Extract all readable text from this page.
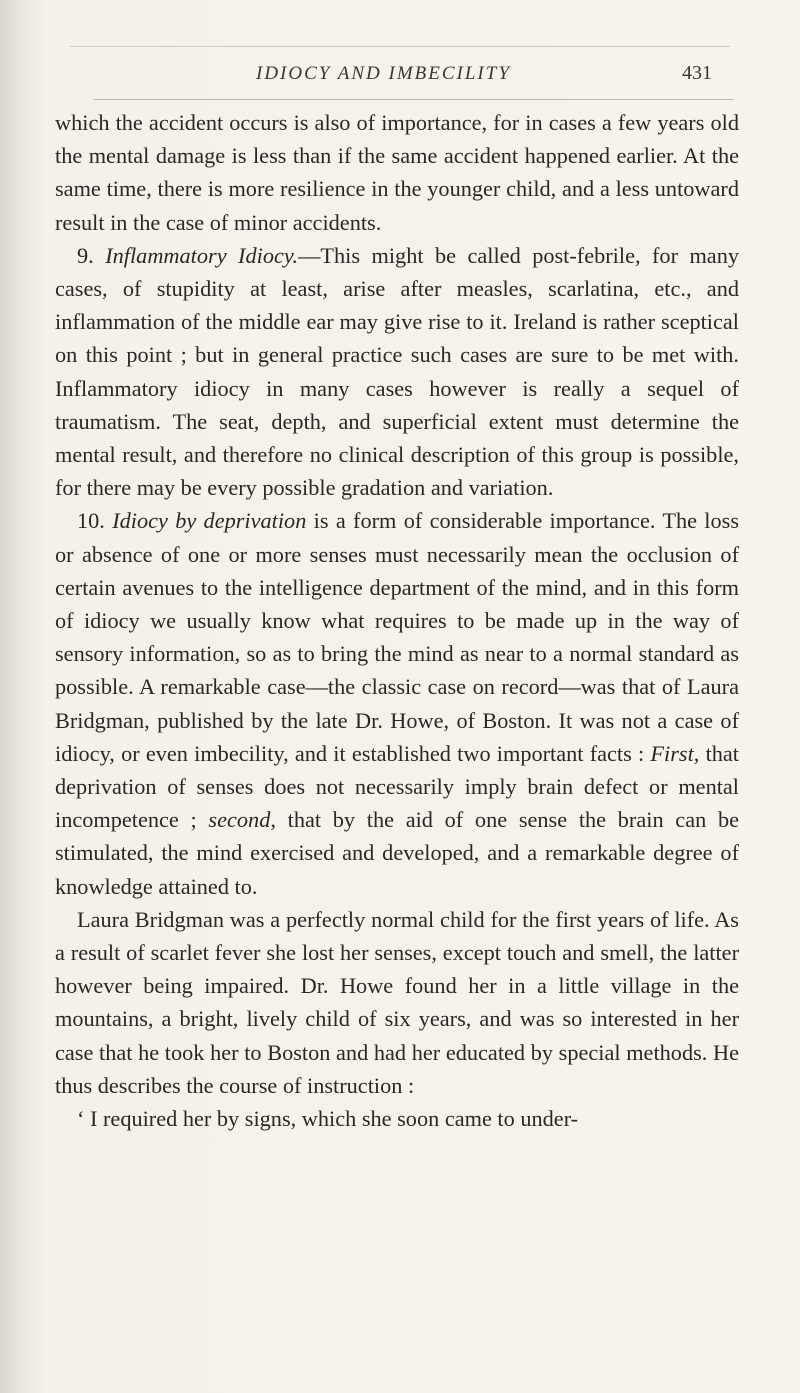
IDIOCY AND IMBECILITY	431

which the accident occurs is also of importance, for in cases a few years old the mental damage is less than if the same accident happened earlier. At the same time, there is more resilience in the younger child, and a less untoward result in the case of minor accidents.

9. Inflammatory Idiocy.—This might be called post-febrile, for many cases, of stupidity at least, arise after measles, scarlatina, etc., and inflammation of the middle ear may give rise to it. Ireland is rather sceptical on this point ; but in general practice such cases are sure to be met with. Inflammatory idiocy in many cases however is really a sequel of traumatism. The seat, depth, and superficial extent must determine the mental result, and therefore no clinical description of this group is possible, for there may be every possible gradation and variation.

10. Idiocy by deprivation is a form of considerable importance. The loss or absence of one or more senses must necessarily mean the occlusion of certain avenues to the intelligence department of the mind, and in this form of idiocy we usually know what requires to be made up in the way of sensory information, so as to bring the mind as near to a normal standard as possible. A remarkable case—the classic case on record—was that of Laura Bridgman, published by the late Dr. Howe, of Boston. It was not a case of idiocy, or even imbecility, and it established two important facts : First, that deprivation of senses does not necessarily imply brain defect or mental incompetence ; second, that by the aid of one sense the brain can be stimulated, the mind exercised and developed, and a remarkable degree of knowledge attained to.

Laura Bridgman was a perfectly normal child for the first years of life. As a result of scarlet fever she lost her senses, except touch and smell, the latter however being impaired. Dr. Howe found her in a little village in the mountains, a bright, lively child of six years, and was so interested in her case that he took her to Boston and had her educated by special methods. He thus describes the course of instruction :

‘ I required her by signs, which she soon came to under-
